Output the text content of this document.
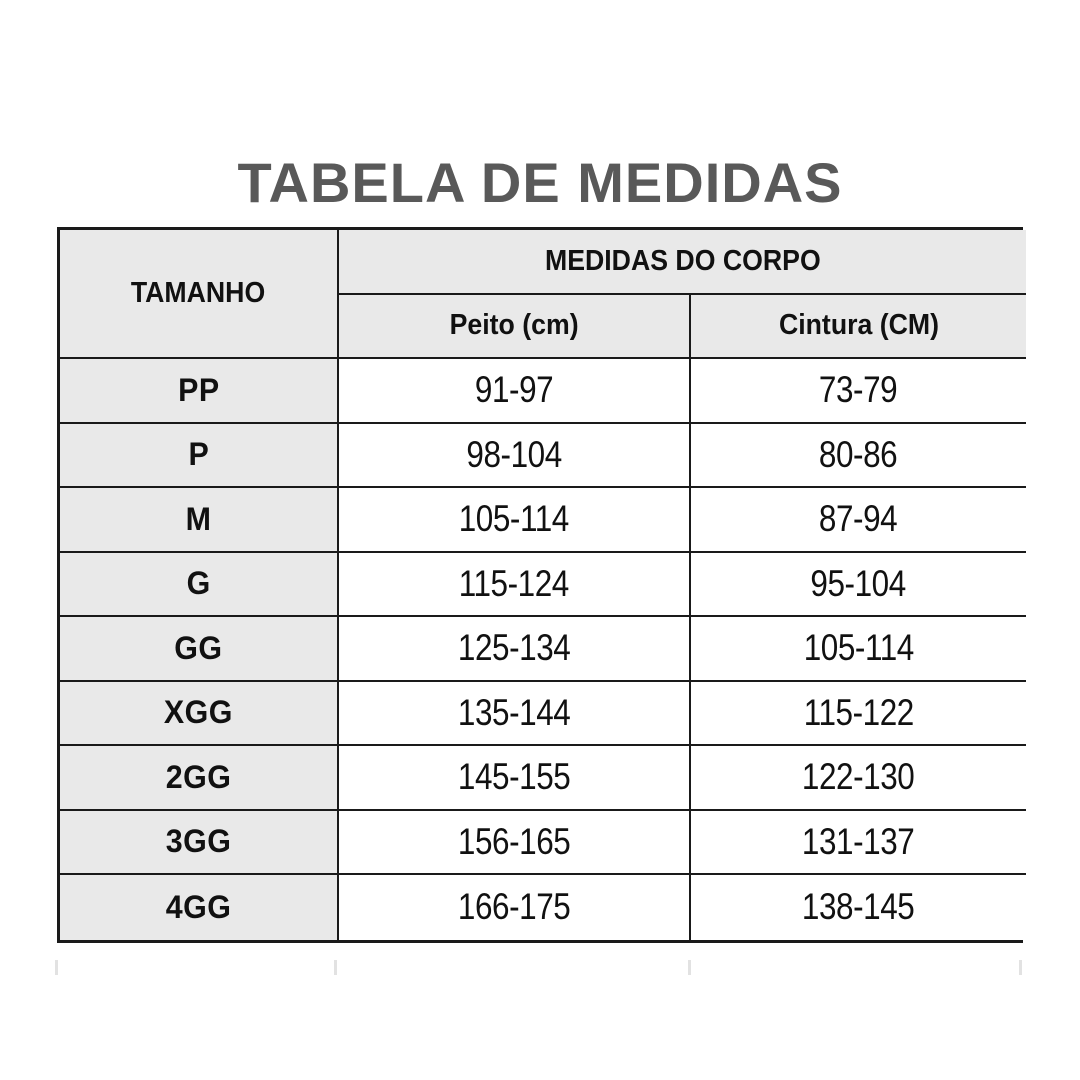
TABELA DE MEDIDAS
TAMANHO
MEDIDAS DO CORPO
Peito (cm)	Cintura (CM)
PP	91-97	73-79
P	98-104	80-86
M	105-114	87-94
G	115-124	95-104
GG	125-134	105-114
XGG	135-144	115-122
2GG	145-155	122-130
3GG	156-165	131-137
4GG	166-175	138-145
